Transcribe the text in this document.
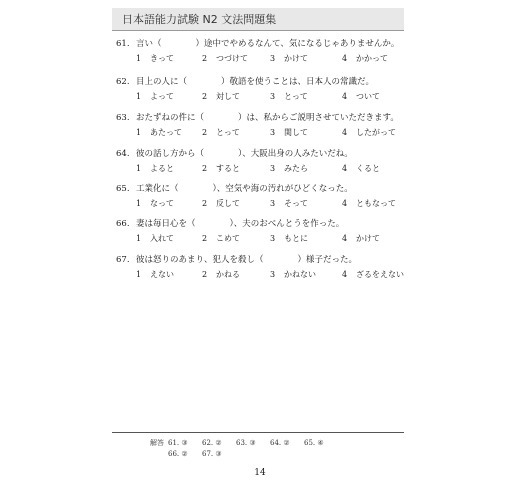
日本語能力試験 N2 文法問題集
61. 言い（　　　　）途中でやめるなんて、気になるじゃありませんか。
1 きって	2 つづけて	3 かけて	4 かかって
62. 目上の人に（　　　　）敬語を使うことは、日本人の常識だ。
1 よって	2 対して	3 とって	4 ついて
63. おたずねの件に（　　　　）は、私からご説明させていただきます。
1 あたって	2 とって	3 関して	4 したがって
64. 彼の話し方から（　　　　）、大阪出身の人みたいだね。
1 よると	2 すると	3 みたら	4 くると
65. 工業化に（　　　　）、空気や海の汚れがひどくなった。
1 なって	2 反して	3 そって	4 ともなって
66. 妻は毎日心を（　　　　）、夫のおべんとうを作った。
1 入れて	2 こめて	3 もとに	4 かけて
67. 彼は怒りのあまり、犯人を殺し（　　　　）様子だった。
1 えない	2 かねる	3 かねない	4 ざるをえない
解答 61. ③ 62. ② 63. ③ 64. ② 65. ④
66. ② 67. ③
14
